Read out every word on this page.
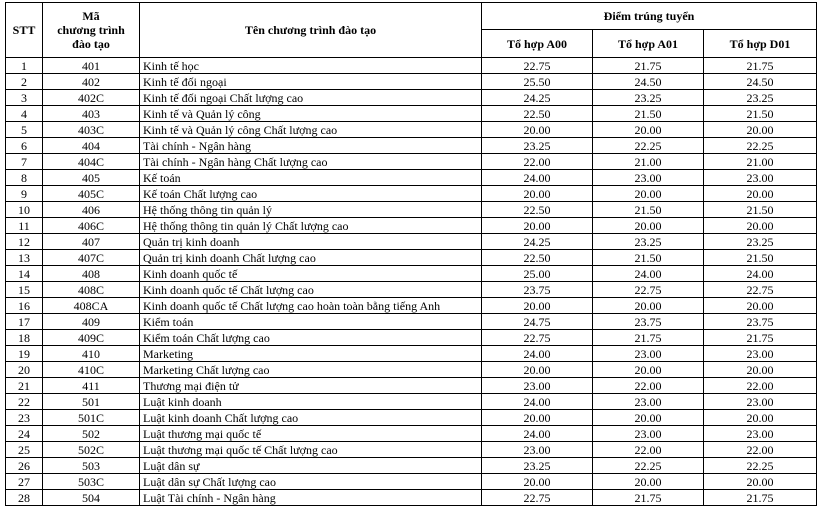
STT	Mã
chương trình
đào tạo	Tên chương trình đào tạo	Điểm trúng tuyển		
			Tổ hợp A00	Tổ hợp A01	Tổ hợp D01
1	401	Kinh tế học	22.75	21.75	21.75
2	402	Kinh tế đối ngoại	25.50	24.50	24.50
3	402C	Kinh tế đối ngoại Chất lượng cao	24.25	23.25	23.25
4	403	Kinh tế và Quản lý công	22.50	21.50	21.50
5	403C	Kinh tế và Quản lý công Chất lượng cao	20.00	20.00	20.00
6	404	Tài chính - Ngân hàng	23.25	22.25	22.25
7	404C	Tài chính - Ngân hàng Chất lượng cao	22.00	21.00	21.00
8	405	Kế toán	24.00	23.00	23.00
9	405C	Kế toán Chất lượng cao	20.00	20.00	20.00
10	406	Hệ thống thông tin quản lý	22.50	21.50	21.50
11	406C	Hệ thống thông tin quản lý Chất lượng cao	20.00	20.00	20.00
12	407	Quản trị kinh doanh	24.25	23.25	23.25
13	407C	Quản trị kinh doanh Chất lượng cao	22.50	21.50	21.50
14	408	Kinh doanh quốc tế	25.00	24.00	24.00
15	408C	Kinh doanh quốc tế Chất lượng cao	23.75	22.75	22.75
16	408CA	Kinh doanh quốc tế Chất lượng cao hoàn toàn bằng tiếng Anh	20.00	20.00	20.00
17	409	Kiểm toán	24.75	23.75	23.75
18	409C	Kiểm toán Chất lượng cao	22.75	21.75	21.75
19	410	Marketing	24.00	23.00	23.00
20	410C	Marketing Chất lượng cao	20.00	20.00	20.00
21	411	Thương mại điện tử	23.00	22.00	22.00
22	501	Luật kinh doanh	24.00	23.00	23.00
23	501C	Luật kinh doanh Chất lượng cao	20.00	20.00	20.00
24	502	Luật thương mại quốc tế	24.00	23.00	23.00
25	502C	Luật thương mại quốc tế Chất lượng cao	23.00	22.00	22.00
26	503	Luật dân sự	23.25	22.25	22.25
27	503C	Luật dân sự Chất lượng cao	20.00	20.00	20.00
28	504	Luật Tài chính - Ngân hàng	22.75	21.75	21.75
